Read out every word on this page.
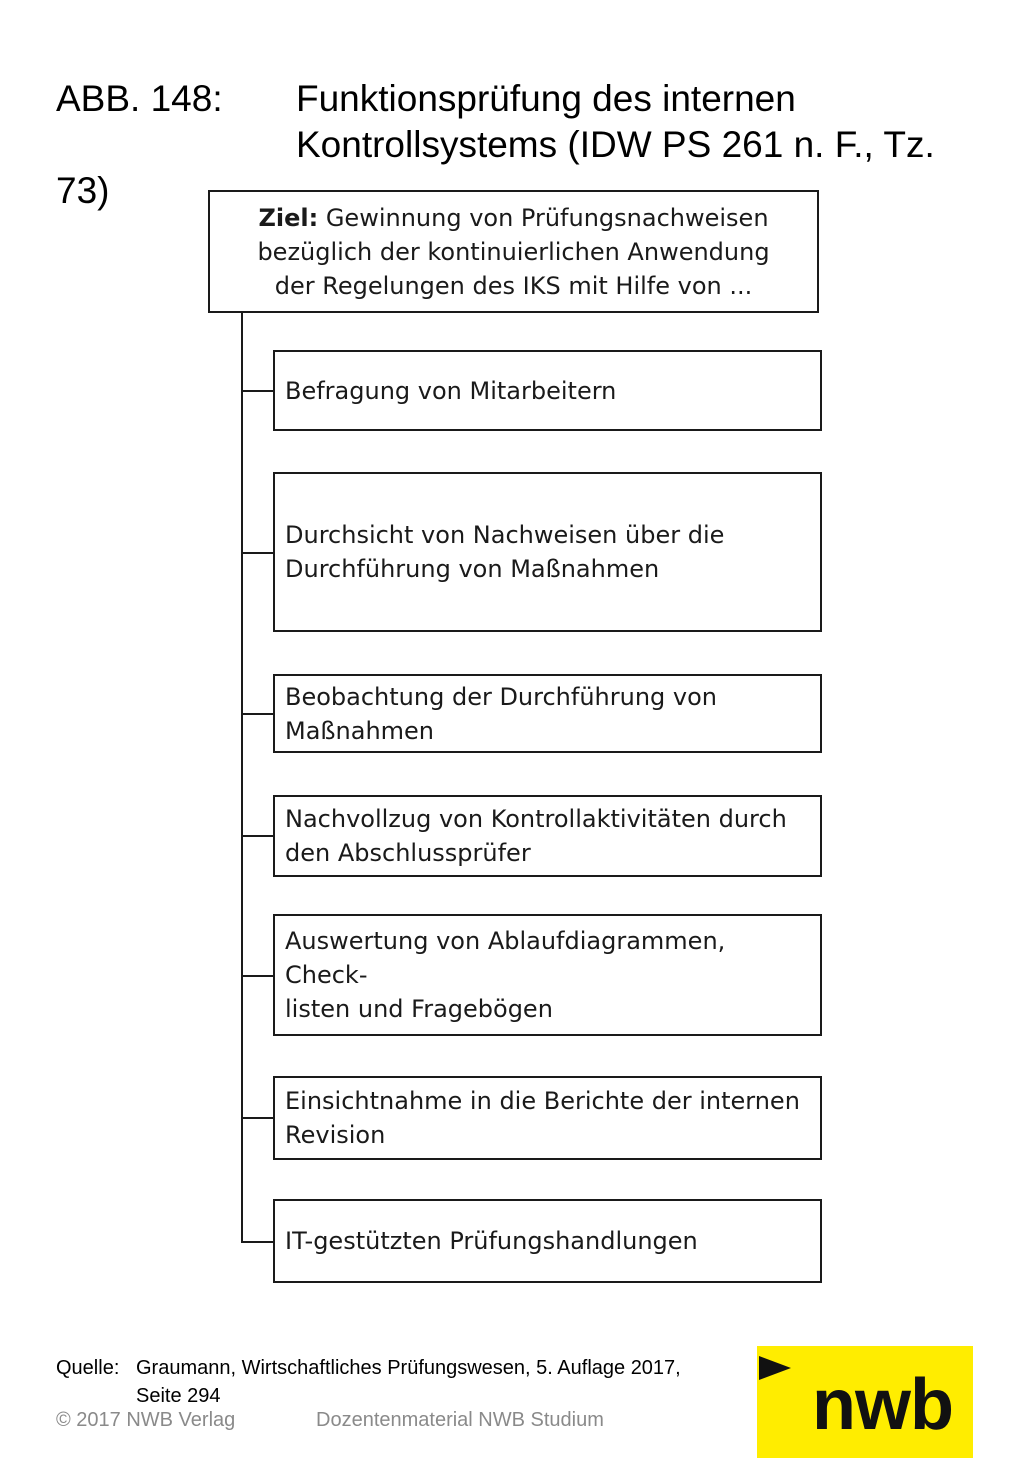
ABB. 148: Funktionsprüfung des internen
Kontrollsystems (IDW PS 261 n. F., Tz.
73)
Ziel: Gewinnung von Prüfungsnachweisen
bezüglich der kontinuierlichen Anwendung
der Regelungen des IKS mit Hilfe von ...
Befragung von Mitarbeitern
Durchsicht von Nachweisen über die
Durchführung von Maßnahmen
Beobachtung der Durchführung von
Maßnahmen
Nachvollzug von Kontrollaktivitäten durch
den Abschlussprüfer
Auswertung von Ablaufdiagrammen, Check-
listen und Fragebögen
Einsichtnahme in die Berichte der internen
Revision
IT-gestützten Prüfungshandlungen
Quelle: Graumann, Wirtschaftliches Prüfungswesen, 5. Auflage 2017,
Seite 294
© 2017 NWB Verlag	Dozentenmaterial NWB Studium	nwb
